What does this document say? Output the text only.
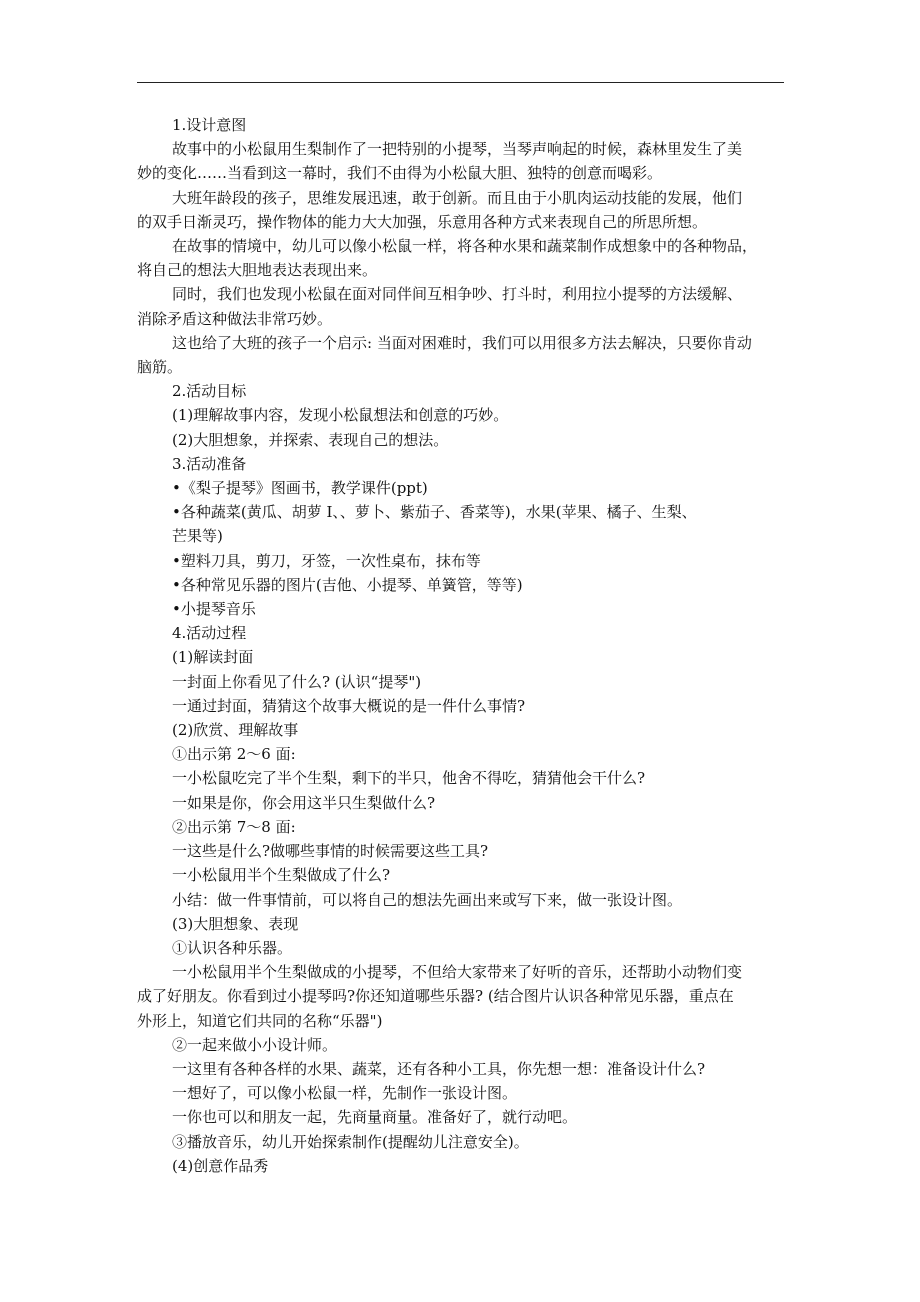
1.设计意图

故事中的小松鼠用生梨制作了一把特别的小提琴，当琴声响起的时候，森林里发生了美

妙的变化……当看到这一幕时，我们不由得为小松鼠大胆、独特的创意而喝彩。

大班年龄段的孩子，思维发展迅速，敢于创新。而且由于小肌肉运动技能的发展，他们

的双手日渐灵巧，操作物体的能力大大加强，乐意用各种方式来表现自己的所思所想。

在故事的情境中，幼儿可以像小松鼠一样，将各种水果和蔬菜制作成想象中的各种物品，

将自己的想法大胆地表达表现出来。

同时，我们也发现小松鼠在面对同伴间互相争吵、打斗时，利用拉小提琴的方法缓解、

消除矛盾这种做法非常巧妙。

这也给了大班的孩子一个启示: 当面对困难时，我们可以用很多方法去解决，只要你肯动

脑筋。

2.活动目标

(1)理解故事内容，发现小松鼠想法和创意的巧妙。

(2)大胆想象，并探索、表现自己的想法。

3.活动准备

•《梨子提琴》图画书，教学课件(ppt)

•各种蔬菜(黄瓜、胡萝 I、、萝卜、紫茄子、香菜等)，水果(苹果、橘子、生梨、

芒果等)

•塑料刀具，剪刀，牙签，一次性桌布，抹布等

•各种常见乐器的图片(吉他、小提琴、单簧管，等等)

•小提琴音乐

4.活动过程

(1)解读封面

一封面上你看见了什么? (认识“提琴")

一通过封面，猜猜这个故事大概说的是一件什么事情?

(2)欣赏、理解故事

①出示第 2～6 面:

一小松鼠吃完了半个生梨，剩下的半只，他舍不得吃，猜猜他会干什么?

一如果是你，你会用这半只生梨做什么?

②出示第 7～8 面:

一这些是什么?做哪些事情的时候需要这些工具?

一小松鼠用半个生梨做成了什么?

小结：做一件事情前，可以将自己的想法先画出来或写下来，做一张设计图。

(3)大胆想象、表现

①认识各种乐器。

一小松鼠用半个生梨做成的小提琴，不但给大家带来了好听的音乐，还帮助小动物们变

成了好朋友。你看到过小提琴吗?你还知道哪些乐器? (结合图片认识各种常见乐器，重点在

外形上，知道它们共同的名称“乐器")

②一起来做小小设计师。

一这里有各种各样的水果、蔬菜，还有各种小工具，你先想一想：准备设计什么?

一想好了，可以像小松鼠一样，先制作一张设计图。

一你也可以和朋友一起，先商量商量。准备好了，就行动吧。

③播放音乐，幼儿开始探索制作(提醒幼儿注意安全)。

(4)创意作品秀
